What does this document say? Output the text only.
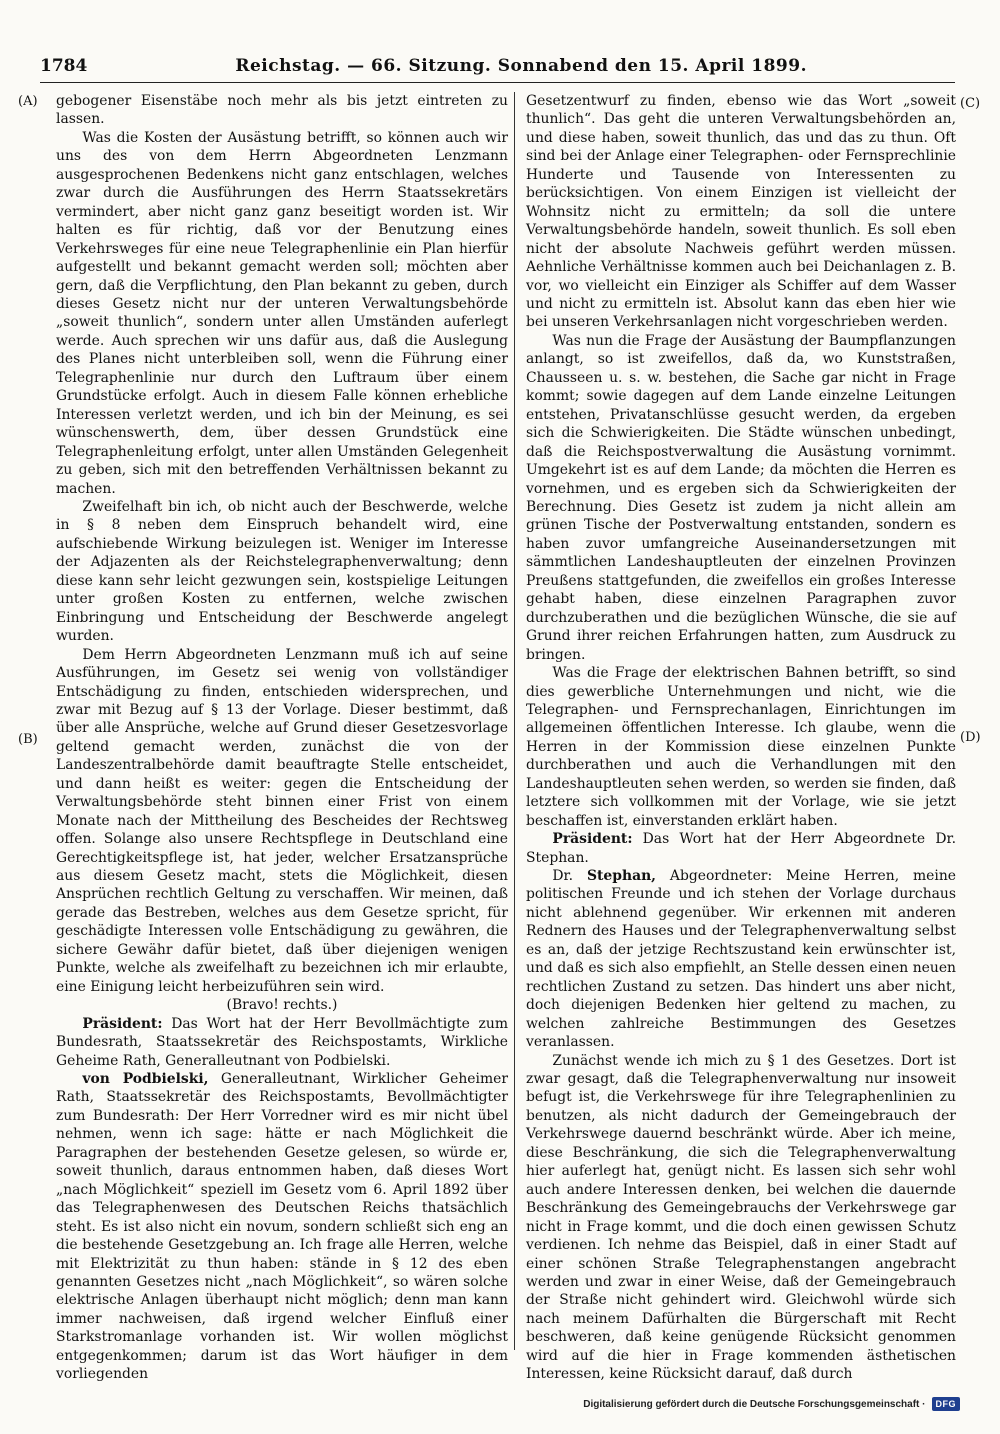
1784	Reichstag. — 66. Sitzung. Sonnabend den 15. April 1899.
(A)
(B)
(C)
(D)

gebogener Eisenstäbe noch mehr als bis jetzt eintreten zu lassen.

Was die Kosten der Ausästung betrifft, so können auch wir uns des von dem Herrn Abgeordneten Lenzmann ausgesprochenen Bedenkens nicht ganz entschlagen, welches zwar durch die Ausführungen des Herrn Staatssekretärs vermindert, aber nicht ganz ganz beseitigt worden ist. Wir halten es für richtig, daß vor der Benutzung eines Verkehrsweges für eine neue Telegraphenlinie ein Plan hierfür aufgestellt und bekannt gemacht werden soll; möchten aber gern, daß die Verpflichtung, den Plan bekannt zu geben, durch dieses Gesetz nicht nur der unteren Verwaltungsbehörde „soweit thunlich“, sondern unter allen Umständen auferlegt werde. Auch sprechen wir uns dafür aus, daß die Auslegung des Planes nicht unterbleiben soll, wenn die Führung einer Telegraphenlinie nur durch den Luftraum über einem Grundstücke erfolgt. Auch in diesem Falle können erhebliche Interessen verletzt werden, und ich bin der Meinung, es sei wünschenswerth, dem, über dessen Grundstück eine Telegraphenleitung erfolgt, unter allen Umständen Gelegenheit zu geben, sich mit den betreffenden Verhältnissen bekannt zu machen.

Zweifelhaft bin ich, ob nicht auch der Beschwerde, welche in § 8 neben dem Einspruch behandelt wird, eine aufschiebende Wirkung beizulegen ist. Weniger im Interesse der Adjazenten als der Reichstelegraphenverwaltung; denn diese kann sehr leicht gezwungen sein, kostspielige Leitungen unter großen Kosten zu entfernen, welche zwischen Einbringung und Entscheidung der Beschwerde angelegt wurden.

Dem Herrn Abgeordneten Lenzmann muß ich auf seine Ausführungen, im Gesetz sei wenig von vollständiger Entschädigung zu finden, entschieden widersprechen, und zwar mit Bezug auf § 13 der Vorlage. Dieser bestimmt, daß über alle Ansprüche, welche auf Grund dieser Gesetzesvorlage geltend gemacht werden, zunächst die von der Landeszentralbehörde damit beauftragte Stelle entscheidet, und dann heißt es weiter: gegen die Entscheidung der Verwaltungsbehörde steht binnen einer Frist von einem Monate nach der Mittheilung des Bescheides der Rechtsweg offen. Solange also unsere Rechtspflege in Deutschland eine Gerechtigkeitspflege ist, hat jeder, welcher Ersatzansprüche aus diesem Gesetz macht, stets die Möglichkeit, diesen Ansprüchen rechtlich Geltung zu verschaffen. Wir meinen, daß gerade das Bestreben, welches aus dem Gesetze spricht, für geschädigte Interessen volle Entschädigung zu gewähren, die sichere Gewähr dafür bietet, daß über diejenigen wenigen Punkte, welche als zweifelhaft zu bezeichnen ich mir erlaubte, eine Einigung leicht herbeizuführen sein wird.

(Bravo! rechts.)

Präsident: Das Wort hat der Herr Bevollmächtigte zum Bundesrath, Staatssekretär des Reichspostamts, Wirkliche Geheime Rath, Generalleutnant von Podbielski.

von Podbielski, Generalleutnant, Wirklicher Geheimer Rath, Staatssekretär des Reichspostamts, Bevollmächtigter zum Bundesrath: Der Herr Vorredner wird es mir nicht übel nehmen, wenn ich sage: hätte er nach Möglichkeit die Paragraphen der bestehenden Gesetze gelesen, so würde er, soweit thunlich, daraus entnommen haben, daß dieses Wort „nach Möglichkeit“ speziell im Gesetz vom 6. April 1892 über das Telegraphenwesen des Deutschen Reichs thatsächlich steht. Es ist also nicht ein novum, sondern schließt sich eng an die bestehende Gesetzgebung an. Ich frage alle Herren, welche mit Elektrizität zu thun haben: stände in § 12 des eben genannten Gesetzes nicht „nach Möglichkeit“, so wären solche elektrische Anlagen überhaupt nicht möglich; denn man kann immer nachweisen, daß irgend welcher Einfluß einer Starkstromanlage vorhanden ist. Wir wollen möglichst entgegenkommen; darum ist das Wort häufiger in dem vorliegenden

Gesetzentwurf zu finden, ebenso wie das Wort „soweit thunlich“. Das geht die unteren Verwaltungsbehörden an, und diese haben, soweit thunlich, das und das zu thun. Oft sind bei der Anlage einer Telegraphen- oder Fernsprechlinie Hunderte und Tausende von Interessenten zu berücksichtigen. Von einem Einzigen ist vielleicht der Wohnsitz nicht zu ermitteln; da soll die untere Verwaltungsbehörde handeln, soweit thunlich. Es soll eben nicht der absolute Nachweis geführt werden müssen. Aehnliche Verhältnisse kommen auch bei Deichanlagen z. B. vor, wo vielleicht ein Einziger als Schiffer auf dem Wasser und nicht zu ermitteln ist. Absolut kann das eben hier wie bei unseren Verkehrsanlagen nicht vorgeschrieben werden.

Was nun die Frage der Ausästung der Baumpflanzungen anlangt, so ist zweifellos, daß da, wo Kunststraßen, Chausseen u. s. w. bestehen, die Sache gar nicht in Frage kommt; sowie dagegen auf dem Lande einzelne Leitungen entstehen, Privatanschlüsse gesucht werden, da ergeben sich die Schwierigkeiten. Die Städte wünschen unbedingt, daß die Reichspostverwaltung die Ausästung vornimmt. Umgekehrt ist es auf dem Lande; da möchten die Herren es vornehmen, und es ergeben sich da Schwierigkeiten der Berechnung. Dies Gesetz ist zudem ja nicht allein am grünen Tische der Postverwaltung entstanden, sondern es haben zuvor umfangreiche Auseinandersetzungen mit sämmtlichen Landeshauptleuten der einzelnen Provinzen Preußens stattgefunden, die zweifellos ein großes Interesse gehabt haben, diese einzelnen Paragraphen zuvor durchzuberathen und die bezüglichen Wünsche, die sie auf Grund ihrer reichen Erfahrungen hatten, zum Ausdruck zu bringen.

Was die Frage der elektrischen Bahnen betrifft, so sind dies gewerbliche Unternehmungen und nicht, wie die Telegraphen- und Fernsprechanlagen, Einrichtungen im allgemeinen öffentlichen Interesse. Ich glaube, wenn die Herren in der Kommission diese einzelnen Punkte durchberathen und auch die Verhandlungen mit den Landeshauptleuten sehen werden, so werden sie finden, daß letztere sich vollkommen mit der Vorlage, wie sie jetzt beschaffen ist, einverstanden erklärt haben.

Präsident: Das Wort hat der Herr Abgeordnete Dr. Stephan.

Dr. Stephan, Abgeordneter: Meine Herren, meine politischen Freunde und ich stehen der Vorlage durchaus nicht ablehnend gegenüber. Wir erkennen mit anderen Rednern des Hauses und der Telegraphenverwaltung selbst es an, daß der jetzige Rechtszustand kein erwünschter ist, und daß es sich also empfiehlt, an Stelle dessen einen neuen rechtlichen Zustand zu setzen. Das hindert uns aber nicht, doch diejenigen Bedenken hier geltend zu machen, zu welchen zahlreiche Bestimmungen des Gesetzes veranlassen.

Zunächst wende ich mich zu § 1 des Gesetzes. Dort ist zwar gesagt, daß die Telegraphenverwaltung nur insoweit befugt ist, die Verkehrswege für ihre Telegraphenlinien zu benutzen, als nicht dadurch der Gemeingebrauch der Verkehrswege dauernd beschränkt würde. Aber ich meine, diese Beschränkung, die sich die Telegraphenverwaltung hier auferlegt hat, genügt nicht. Es lassen sich sehr wohl auch andere Interessen denken, bei welchen die dauernde Beschränkung des Gemeingebrauchs der Verkehrswege gar nicht in Frage kommt, und die doch einen gewissen Schutz verdienen. Ich nehme das Beispiel, daß in einer Stadt auf einer schönen Straße Telegraphenstangen angebracht werden und zwar in einer Weise, daß der Gemeingebrauch der Straße nicht gehindert wird. Gleichwohl würde sich nach meinem Dafürhalten die Bürgerschaft mit Recht beschweren, daß keine genügende Rücksicht genommen wird auf die hier in Frage kommenden ästhetischen Interessen, keine Rücksicht darauf, daß durch

Digitalisierung gefördert durch die Deutsche Forschungsgemeinschaft ·	DFG
